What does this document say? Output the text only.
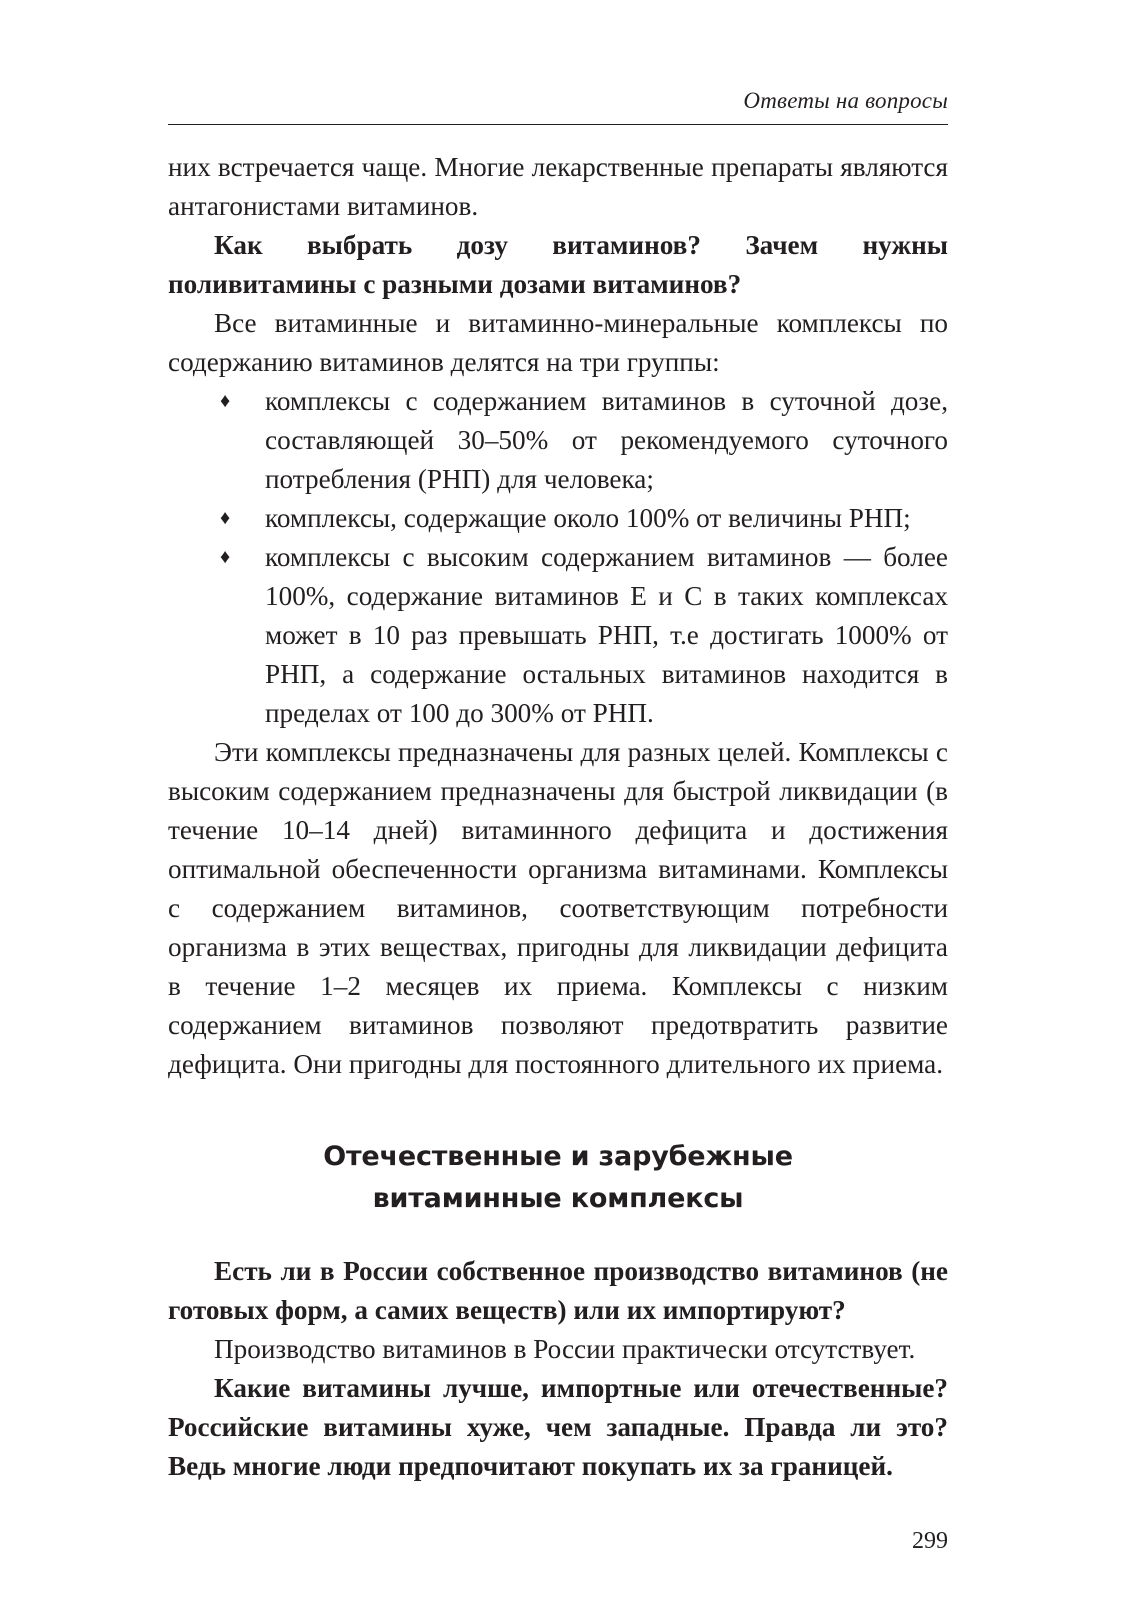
Ответы на вопросы

них встречается чаще. Многие лекарственные препараты являются антагонистами витаминов.

Как выбрать дозу витаминов? Зачем нужны поливитамины с разными дозами витаминов?

Все витаминные и витаминно-минеральные комплексы по содержанию витаминов делятся на три группы:

♦ комплексы с содержанием витаминов в суточной дозе, составляющей 30–50% от рекомендуемого суточного потребления (РНП) для человека;
♦ комплексы, содержащие около 100% от величины РНП;
♦ комплексы с высоким содержанием витаминов — более 100%, содержание витаминов Е и С в таких комплексах может в 10 раз превышать РНП, т.е достигать 1000% от РНП, а содержание остальных витаминов находится в пределах от 100 до 300% от РНП.

Эти комплексы предназначены для разных целей. Комплексы с высоким содержанием предназначены для быстрой ликвидации (в течение 10–14 дней) витаминного дефицита и достижения оптимальной обеспеченности организма витаминами. Комплексы с содержанием витаминов, соответствующим потребности организма в этих веществах, пригодны для ликвидации дефицита в течение 1–2 месяцев их приема. Комплексы с низким содержанием витаминов позволяют предотвратить развитие дефицита. Они пригодны для постоянного длительного их приема.

Отечественные и зарубежные
витаминные комплексы

Есть ли в России собственное производство витаминов (не готовых форм, а самих веществ) или их импортируют?

Производство витаминов в России практически отсутствует.

Какие витамины лучше, импортные или отечественные? Российские витамины хуже, чем западные. Правда ли это? Ведь многие люди предпочитают покупать их за границей.

299
